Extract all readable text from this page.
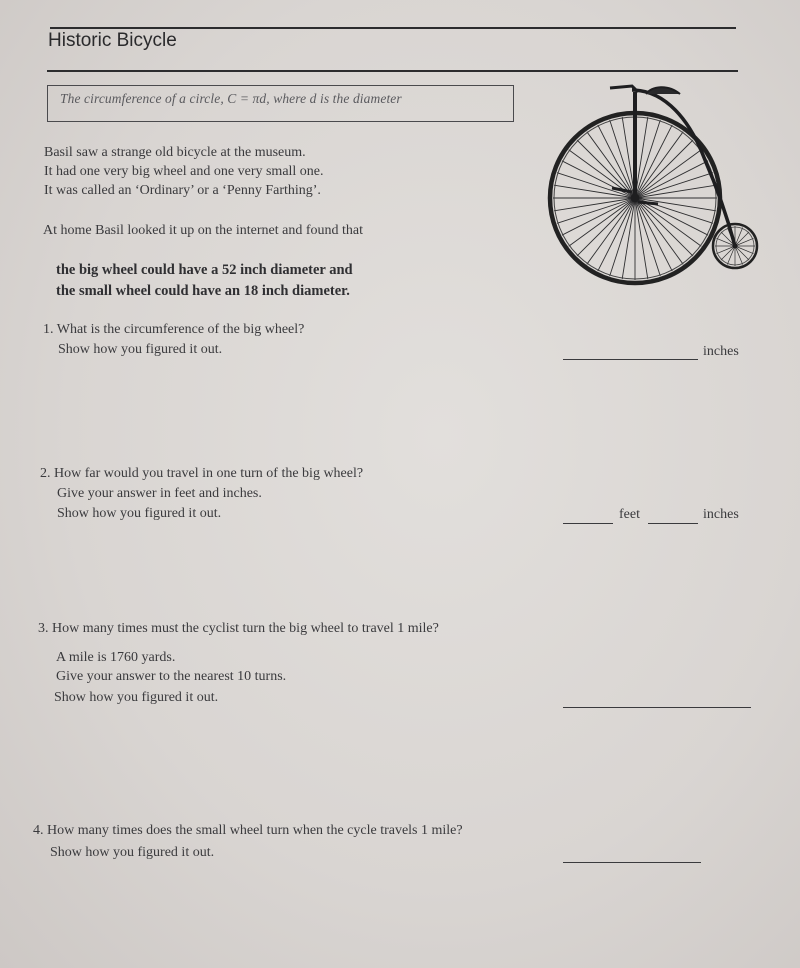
Historic Bicycle
The circumference of a circle, C = πd, where d is the diameter
Basil saw a strange old bicycle at the museum.
It had one very big wheel and one very small one.
It was called an ‘Ordinary’ or a ‘Penny Farthing’.
At home Basil looked it up on the internet and found that
the big wheel could have a 52 inch diameter and
the small wheel could have an 18 inch diameter.
1. What is the circumference of the big wheel?
Show how you figured it out.	inches
2. How far would you travel in one turn of the big wheel?
Give your answer in feet and inches.
Show how you figured it out.	feet	inches
3. How many times must the cyclist turn the big wheel to travel 1 mile?
A mile is 1760 yards.
Give your answer to the nearest 10 turns.
Show how you figured it out.
4. How many times does the small wheel turn when the cycle travels 1 mile?
Show how you figured it out.
